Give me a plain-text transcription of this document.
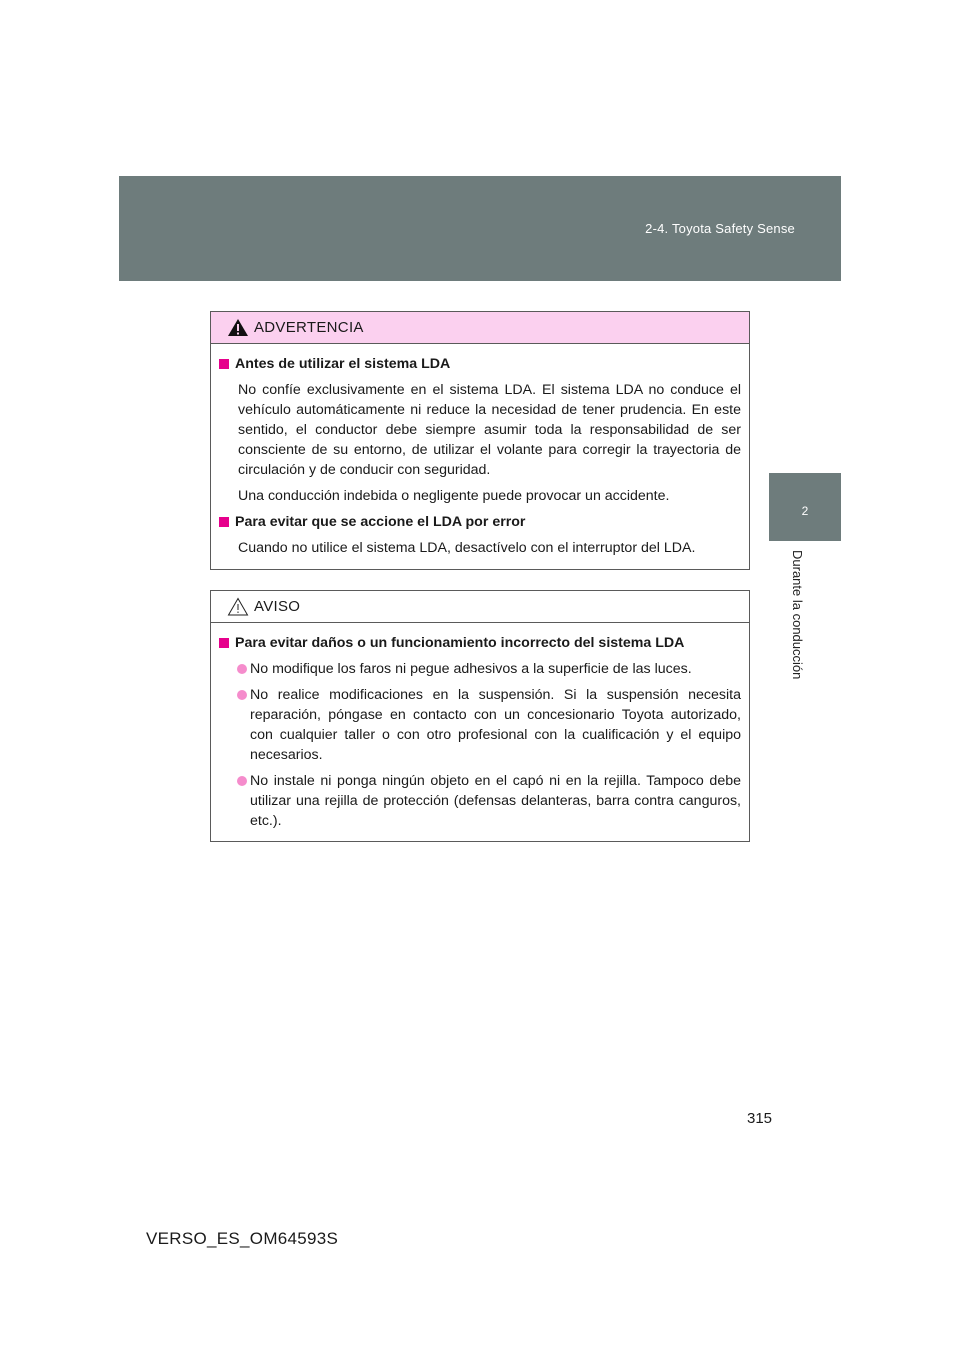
2-4. Toyota Safety Sense
2
Durante la conducción
ADVERTENCIA
Antes de utilizar el sistema LDA
No confíe exclusivamente en el sistema LDA. El sistema LDA no conduce el vehículo automáticamente ni reduce la necesidad de tener prudencia. En este sentido, el conductor debe siempre asumir toda la responsabilidad de ser consciente de su entorno, de utilizar el volante para corregir la trayectoria de circulación y de conducir con seguridad.
Una conducción indebida o negligente puede provocar un accidente.
Para evitar que se accione el LDA por error
Cuando no utilice el sistema LDA, desactívelo con el interruptor del LDA.
AVISO
Para evitar daños o un funcionamiento incorrecto del sistema LDA
No modifique los faros ni pegue adhesivos a la superficie de las luces.
No realice modificaciones en la suspensión. Si la suspensión necesita reparación, póngase en contacto con un concesionario Toyota autorizado, con cualquier taller o con otro profesional con la cualificación y el equipo necesarios.
No instale ni ponga ningún objeto en el capó ni en la rejilla. Tampoco debe utilizar una rejilla de protección (defensas delanteras, barra contra canguros, etc.).
315
VERSO_ES_OM64593S
